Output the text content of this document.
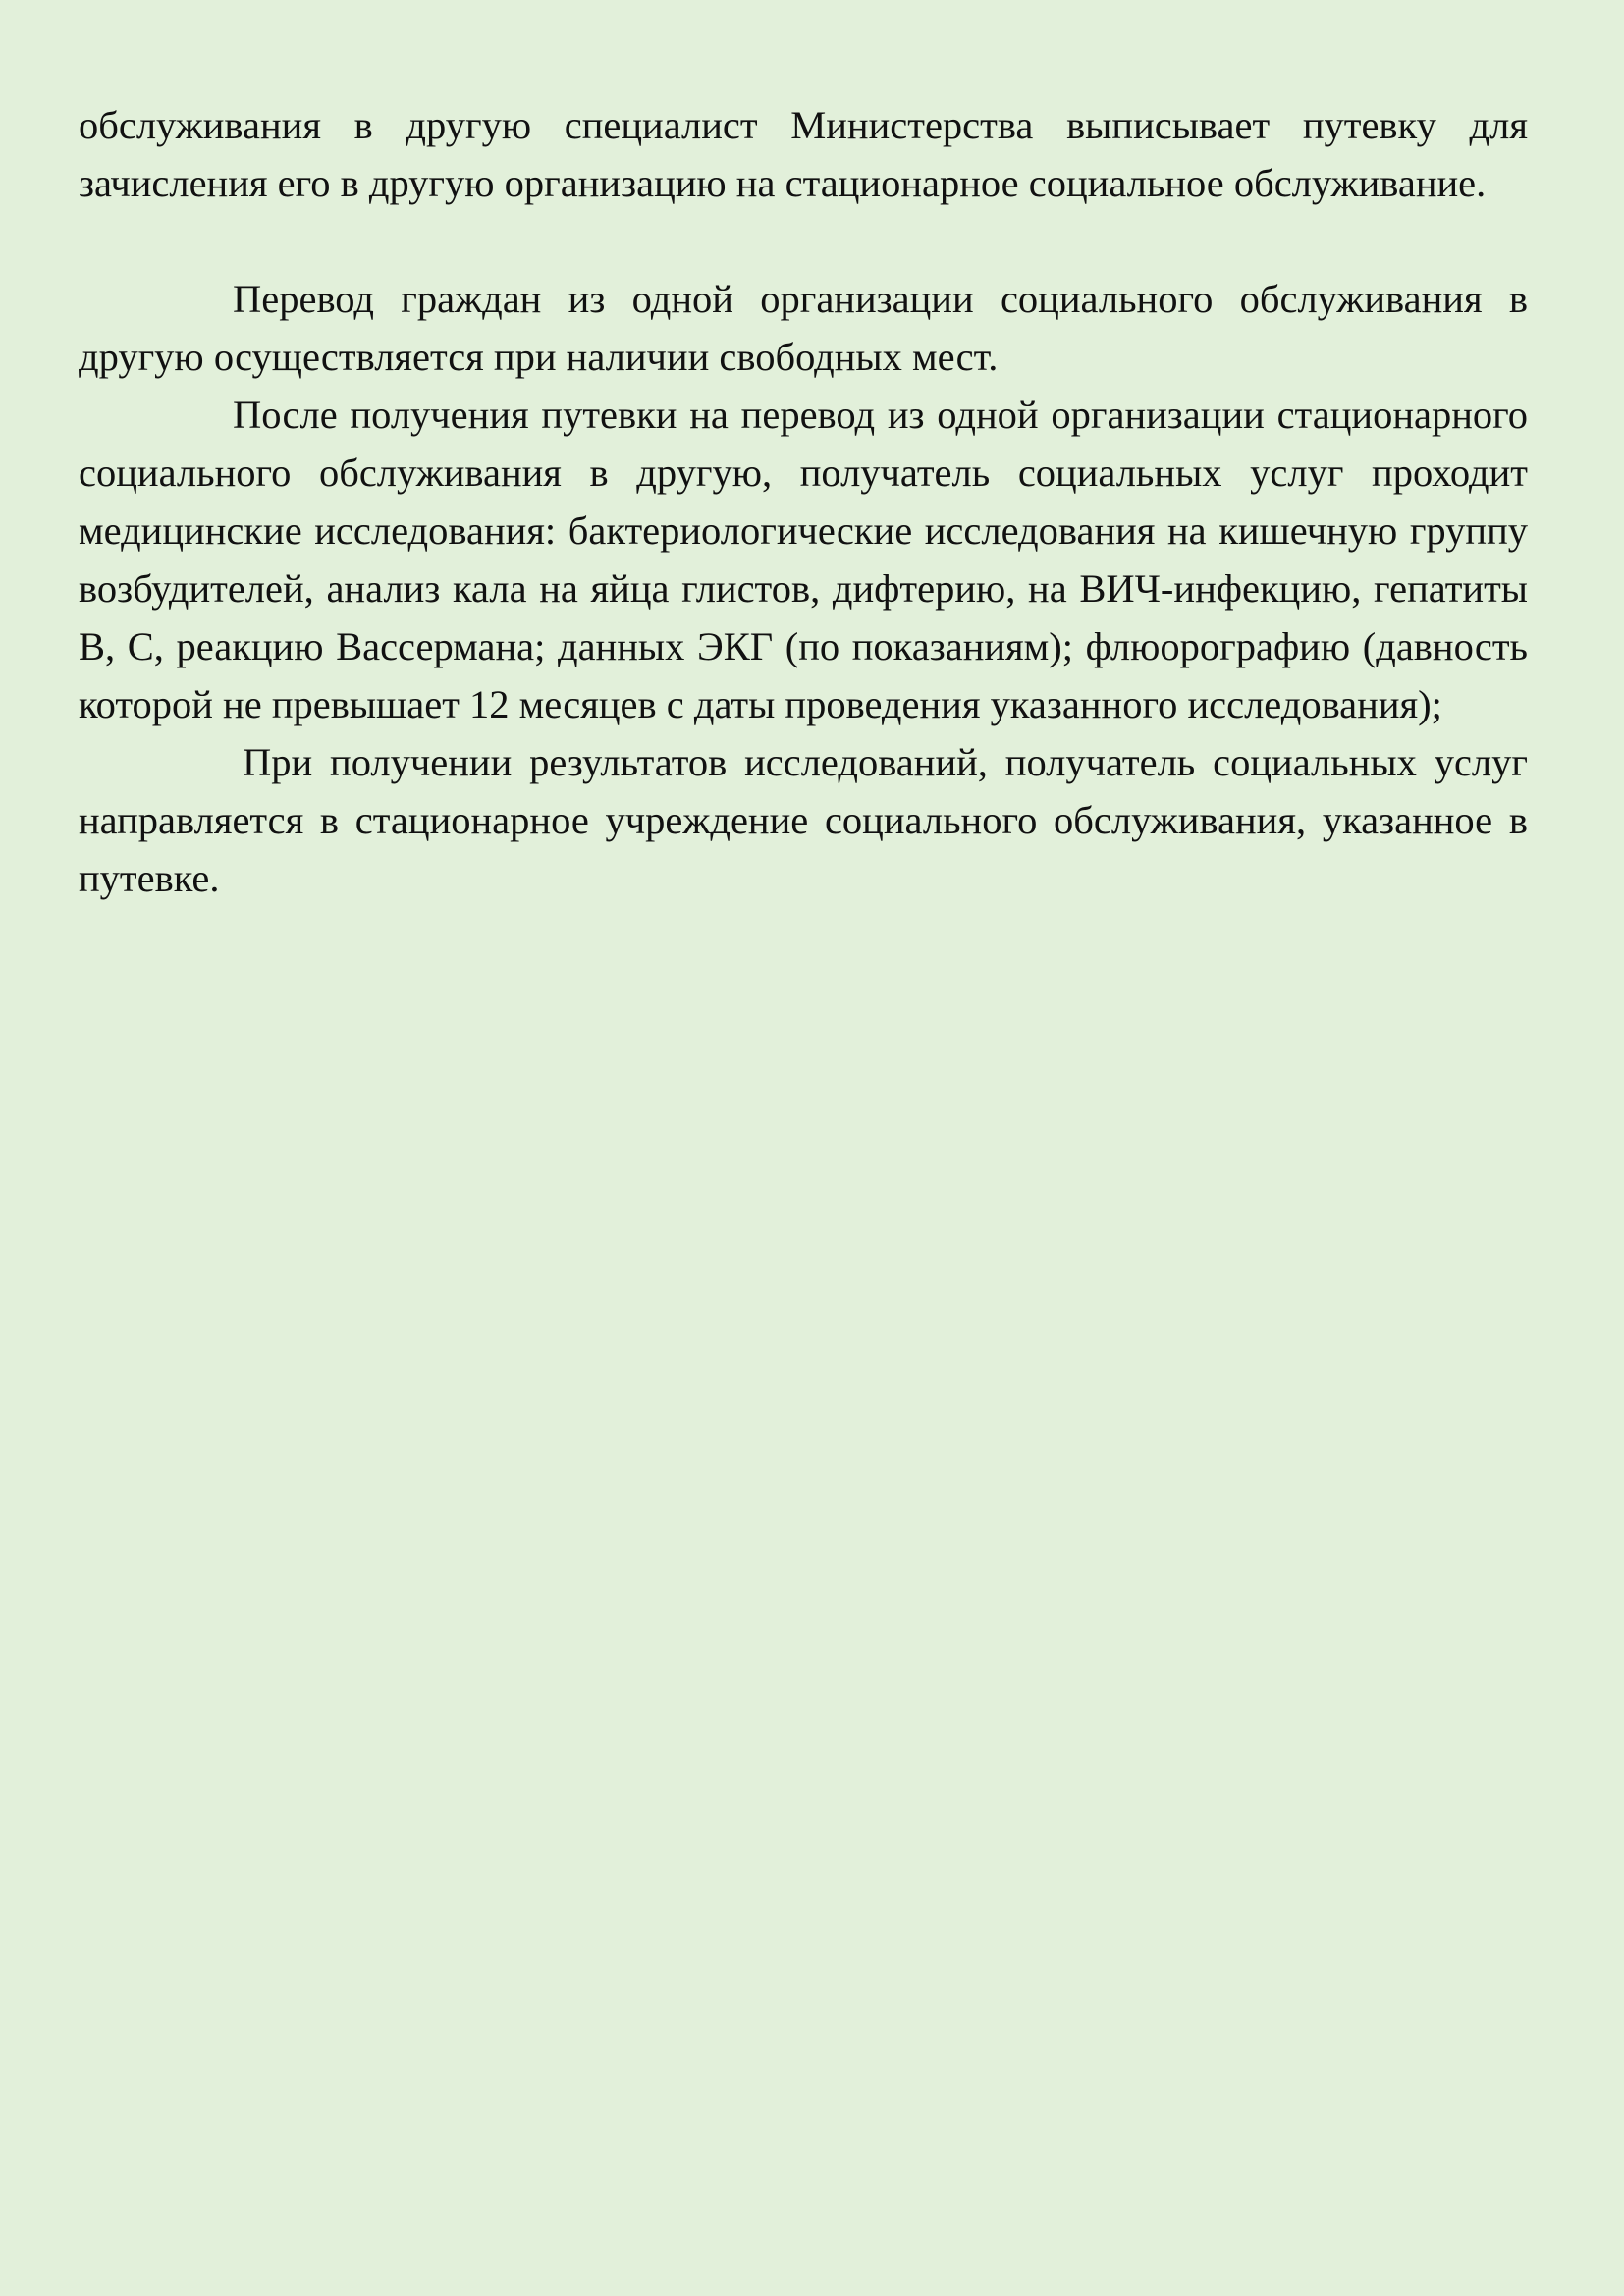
обслуживания в другую специалист Министерства выписывает путевку для зачисления его в другую организацию на стационарное социальное обслуживание.

Перевод граждан из одной организации социального обслуживания в другую осуществляется при наличии свободных мест.

После получения путевки на перевод из одной организации стационарного социального обслуживания в другую, получатель социальных услуг проходит медицинские исследования: бактериологические исследования на кишечную группу возбудителей, анализ кала на яйца глистов, дифтерию, на ВИЧ-инфекцию, гепатиты В, С, реакцию Вассермана; данных ЭКГ (по показаниям); флюорографию (давность которой не превышает 12 месяцев с даты проведения указанного исследования);

При получении результатов исследований, получатель социальных услуг направляется в стационарное учреждение социального обслуживания, указанное в путевке.
